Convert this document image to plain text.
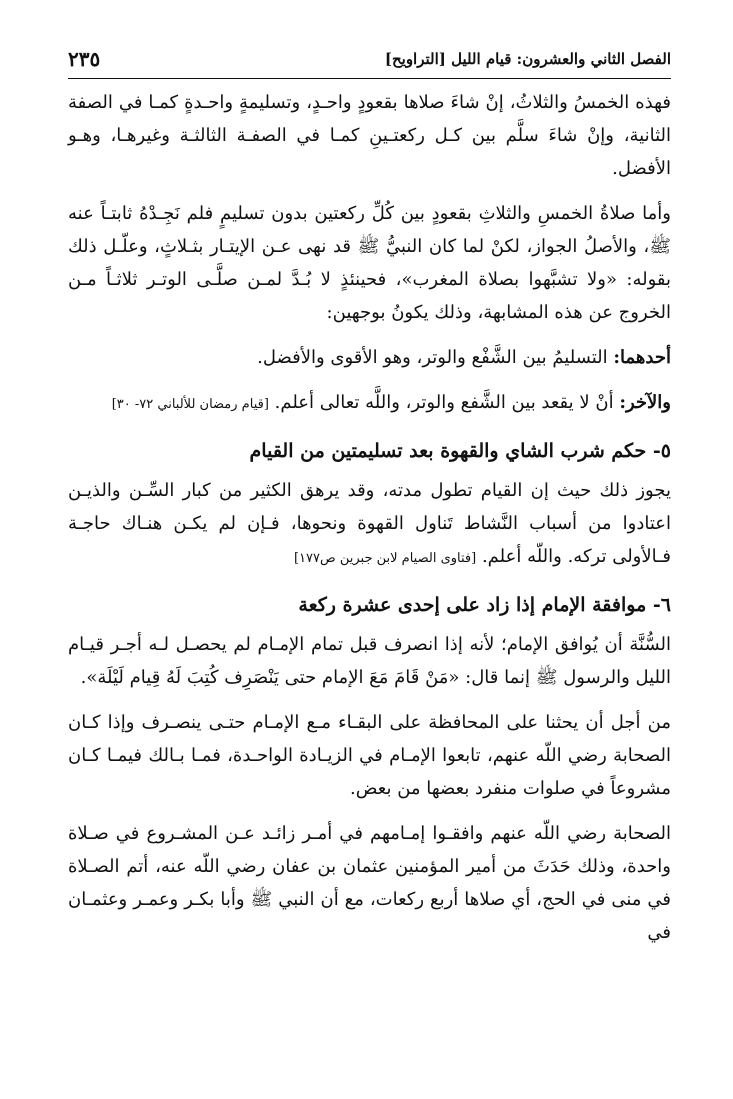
الفصل الثاني والعشرون: قيام الليل [التراويح]
٢٣٥

فهذه الخمسُ والثلاثُ، إنْ شاءَ صلاها بقعودٍ واحـدٍ، وتسليمةٍ واحـدةٍ كمـا في الصفة الثانية، وإنْ شاءَ سلَّم بين كـل ركعتـينِ كمـا في الصفـة الثالثـة وغيرهـا، وهـو الأفضل.

وأما صلاةُ الخمسِ والثلاثِ بقعودٍ بين كُلِّ ركعتين بدون تسليمٍ فلم نَجِـدْهُ ثابتـاً عنه ﷺ، والأصلُ الجواز، لكنْ لما كان النبيُّ ﷺ قد نهى عـن الإيتـار بثـلاثٍ، وعلّـل ذلك بقوله: «ولا تشبَّهوا بصلاة المغرب»، فحينئذٍ لا بُـدَّ لمـن صلَّـى الوتـر ثلاثـاً مـن الخروج عن هذه المشابهة، وذلك يكونُ بوجهين:

أحدهما: التسليمُ بين الشَّفْع والوتر، وهو الأقوى والأفضل.

والآخر: أنْ لا يقعد بين الشَّفع والوتر، واللَّه تعالى أعلم. [قيام رمضان للألباني ٧٢- ٣٠]

٥- حكم شرب الشاي والقهوة بعد تسليمتين من القيام

يجوز ذلك حيث إن القيام تطول مدته، وقد يرهق الكثير من كبار السِّـن والذيـن اعتادوا من أسباب النَّشاط تَناول القهوة ونحوها، فـإن لم يكـن هنـاك حاجـة فـالأولى تركه. واللّه أعلم. [فتاوى الصيام لابن جبرين ص١٧٧]

٦- موافقة الإمام إذا زاد على إحدى عشرة ركعة

السُّنَّة أن يُوافق الإمام؛ لأنه إذا انصرف قبل تمام الإمـام لم يحصـل لـه أجـر قيـام الليل والرسول ﷺ إنما قال: «مَنْ قَامَ مَعَ الإمام حتى يَنْصَرِف كُتِبَ لَهُ قِيام لَيْلَة».

من أجل أن يحثنا على المحافظة على البقـاء مـع الإمـام حتـى ينصـرف وإذا كـان الصحابة رضي اللّه عنهم، تابعوا الإمـام في الزيـادة الواحـدة، فمـا بـالك فيمـا كـان مشروعاً في صلوات منفرد بعضها من بعض.

الصحابة رضي اللّه عنهم وافقـوا إمـامهم في أمـر زائـد عـن المشـروع في صـلاة واحدة، وذلك حَدَثَ من أمير المؤمنين عثمان بن عفان رضي اللّه عنه، أتم الصـلاة في منى في الحج، أي صلاها أربع ركعات، مع أن النبي ﷺ وأبا بكـر وعمـر وعثمـان في
